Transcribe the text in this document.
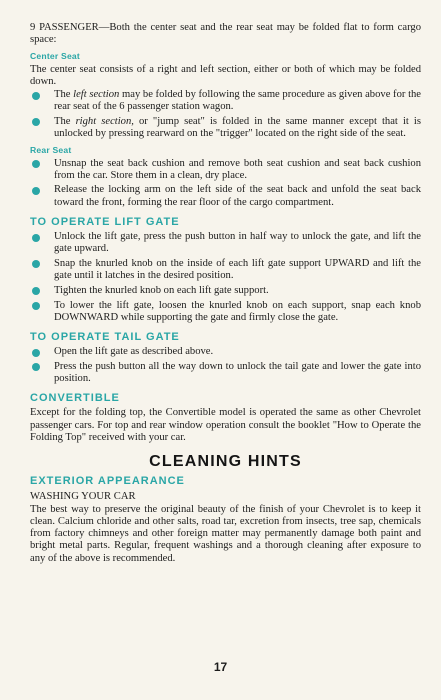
9 PASSENGER—Both the center seat and the rear seat may be folded flat to form cargo space:

Center Seat

The center seat consists of a right and left section, either or both of which may be folded down.

The left section may be folded by following the same procedure as given above for the rear seat of the 6 passenger station wagon.
The right section, or "jump seat" is folded in the same manner except that it is unlocked by pressing rearward on the "trigger" located on the right side of the seat.
Rear Seat
Unsnap the seat back cushion and remove both seat cushion and seat back cushion from the car. Store them in a clean, dry place.
Release the locking arm on the left side of the seat back and unfold the seat back toward the front, forming the rear floor of the cargo compartment.
TO OPERATE LIFT GATE
Unlock the lift gate, press the push button in half way to unlock the gate, and lift the gate upward.
Snap the knurled knob on the inside of each lift gate support UPWARD and lift the gate until it latches in the desired position.
Tighten the knurled knob on each lift gate support.
To lower the lift gate, loosen the knurled knob on each support, snap each knob DOWNWARD while supporting the gate and firmly close the gate.
TO OPERATE TAIL GATE
Open the lift gate as described above.
Press the push button all the way down to unlock the tail gate and lower the gate into position.
CONVERTIBLE

Except for the folding top, the Convertible model is operated the same as other Chevrolet passenger cars. For top and rear window operation consult the booklet "How to Operate the Folding Top" received with your car.

CLEANING HINTS
EXTERIOR APPEARANCE
WASHING YOUR CAR

The best way to preserve the original beauty of the finish of your Chevrolet is to keep it clean. Calcium chloride and other salts, road tar, excretion from insects, tree sap, chemicals from factory chimneys and other foreign matter may permanently damage both paint and bright metal parts. Regular, frequent washings and a thorough cleaning after exposure to any of the above is recommended.

17
